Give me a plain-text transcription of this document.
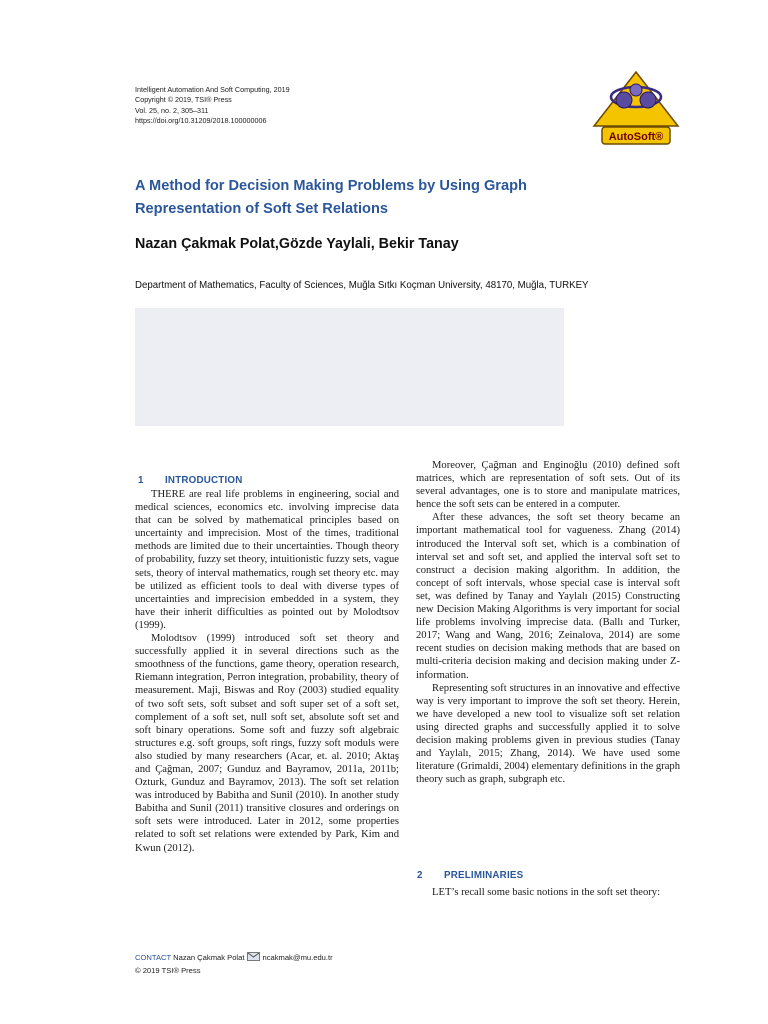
Intelligent Automation And Soft Computing, 2019
Copyright © 2019, TSI® Press
Vol. 25, no. 2, 305–311
https://doi.org/10.31209/2018.100000006
AutoSoft®
A Method for Decision Making Problems by Using Graph
Representation of Soft Set Relations
Nazan Çakmak Polat,Gözde Yaylali, Bekir Tanay
Department of Mathematics, Faculty of Sciences, Muğla Sıtkı Koçman University, 48170, Muğla, TURKEY
1 INTRODUCTION

THERE are real life problems in engineering, social and medical sciences, economics etc. involving imprecise data that can be solved by mathematical principles based on uncertainty and imprecision. Most of the times, traditional methods are limited due to their uncertainties. Though theory of probability, fuzzy set theory, intuitionistic fuzzy sets, vague sets, theory of interval mathematics, rough set theory etc. may be utilized as efficient tools to deal with diverse types of uncertainties and imprecision embedded in a system, they have their inherit difficulties as pointed out by Molodtsov (1999).

Molodtsov (1999) introduced soft set theory and successfully applied it in several directions such as the smoothness of the functions, game theory, operation research, Riemann integration, Perron integration, probability, theory of measurement. Maji, Biswas and Roy (2003) studied equality of two soft sets, soft subset and soft super set of a soft set, complement of a soft set, null soft set, absolute soft set and soft binary operations. Some soft and fuzzy soft algebraic structures e.g. soft groups, soft rings, fuzzy soft moduls were also studied by many researchers (Acar, et. al. 2010; Aktaş and Çağman, 2007; Gunduz and Bayramov, 2011a, 2011b; Ozturk, Gunduz and Bayramov, 2013). The soft set relation was introduced by Babitha and Sunil (2010). In another study Babitha and Sunil (2011) transitive closures and orderings on soft sets were introduced. Later in 2012, some properties related to soft set relations were extended by Park, Kim and Kwun (2012).

Moreover, Çağman and Enginoğlu (2010) defined soft matrices, which are representation of soft sets. Out of its several advantages, one is to store and manipulate matrices, hence the soft sets can be entered in a computer.

After these advances, the soft set theory became an important mathematical tool for vagueness. Zhang (2014) introduced the Interval soft set, which is a combination of interval set and soft set, and applied the interval soft set to construct a decision making algorithm. In addition, the concept of soft intervals, whose special case is interval soft set, was defined by Tanay and Yaylalı (2015) Constructing new Decision Making Algorithms is very important for social life problems involving imprecise data. (Ballı and Turker, 2017; Wang and Wang, 2016; Zeinalova, 2014) are some recent studies on decision making methods that are based on multi-criteria decision making and decision making under Z-information.

Representing soft structures in an innovative and effective way is very important to improve the soft set theory. Herein, we have developed a new tool to visualize soft set relation using directed graphs and successfully applied it to solve decision making problems given in previous studies (Tanay and Yaylalı, 2015; Zhang, 2014). We have used some literature (Grimaldi, 2004) elementary definitions in the graph theory such as graph, subgraph etc.

2 PRELIMINARIES

LET’s recall some basic notions in the soft set theory:

CONTACT Nazan Çakmak Polat ncakmak@mu.edu.tr
© 2019 TSI® Press
